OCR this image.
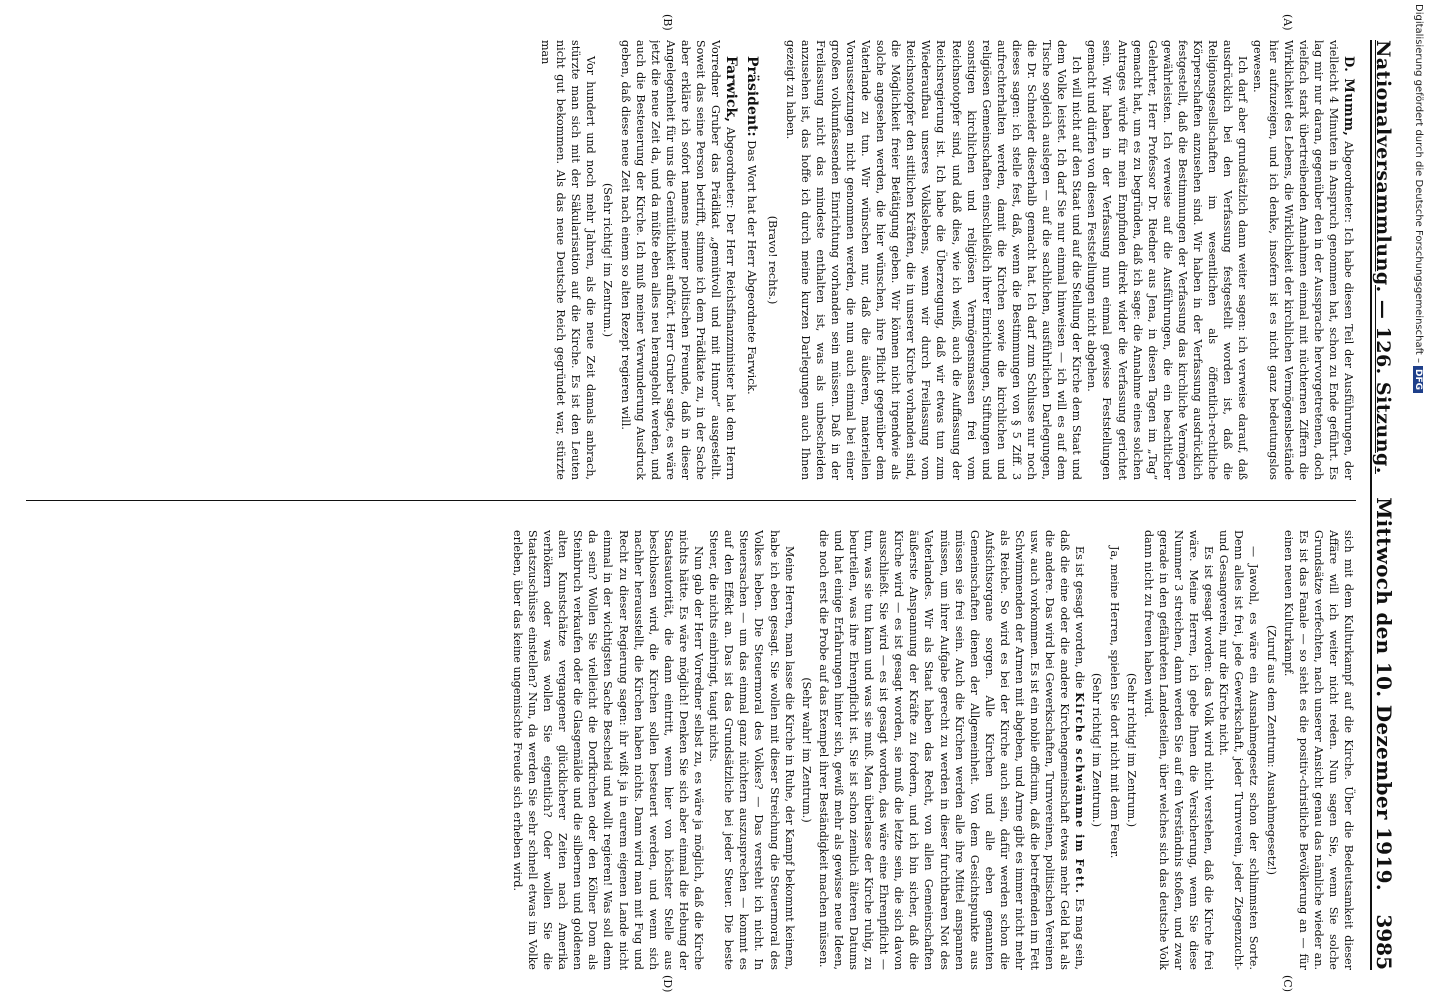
Nationalversammlung. — 126. Sitzung.
Mittwoch den 10. Dezember 1919.
3985
(A)
(B)
(C)
(D)

D. Mumm, Abgeordneter: Ich habe diesen Teil der Ausführungen, der vielleicht 4 Minuten in Anspruch genommen hat, schon zu Ende geführt. Es lag mir nur daran, gegenüber den in der Aussprache hervorgetretenen, doch vielfach stark übertreibenden Annahmen einmal mit nüchternen Ziffern die Wirklichkeit des Lebens, die Wirklichkeit der kirchlichen Vermögensbestände hier aufzuzeigen, und ich denke, insofern ist es nicht ganz bedeutungslos gewesen.

Ich darf aber grundsätzlich dann weiter sagen: ich verweise darauf, daß ausdrücklich bei den Verfassung festgestellt worden ist, daß die Religionsgesellschaften im wesentlichen als öffentlich-rechtliche Körperschaften anzusehen sind. Wir haben in der Verfassung ausdrücklich festgestellt, daß die Bestimmungen der Verfassung das kirchliche Vermögen gewährleisten. Ich verweise auf die Ausführungen, die ein beachtlicher Gelehrter, Herr Professor Dr. Riedner aus Jena, in diesen Tagen im „Tag“ gemacht hat, um es zu begründen, daß ich sage: die Annahme eines solchen Antrages würde für mein Empfinden direkt wider die Verfassung gerichtet sein. Wir haben in der Verfassung nun einmal gewisse Feststellungen gemacht und dürfen von diesen Feststellungen nicht abgehen.

Ich will nicht auf den Staat und auf die Stellung der Kirche dem Staat und dem Volke leistet. Ich darf Sie nur einmal hinweisen — ich will es auf dem Tische sogleich auslegen — auf die sachlichen, ausführlichen Darlegungen, die Dr. Schneider dieserhalb gemacht hat. Ich darf zum Schlusse nur noch dieses sagen: ich stelle fest, daß, wenn die Bestimmungen von § 5 Ziff. 3 aufrechterhalten werden, damit die Kirchen sowie die kirchlichen und religiösen Gemeinschaften einschließlich ihrer Einrichtungen, Stiftungen und sonstigen kirchlichen und religiösen Vermögensmassen frei vom Reichsnotopfer sind, und daß dies, wie ich weiß, auch die Auffassung der Reichsregierung ist. Ich habe die Überzeugung, daß wir etwas tun zum Wiederaufbau unseres Volkslebens, wenn wir durch Freilassung vom Reichsnotopfer den sittlichen Kräften, die in unserer Kirche vorhanden sind, die Möglichkeit freier Betätigung geben. Wir können nicht irgendwie als solche angesehen werden, die hier wünschen, ihre Pflicht gegenüber dem Vaterlande zu tun. Wir wünschen nur, daß die äußeren, materiellen Voraussetzungen nicht genommen werden, die nun auch einmal bei einer großen volkumfassenden Einrichtung vorhanden sein müssen. Daß in der Freilassung nicht das mindeste enthalten ist, was als unbescheiden anzusehen ist, das hoffe ich durch meine kurzen Darlegungen auch Ihnen gezeigt zu haben.

(Bravo! rechts.)

Präsident: Das Wort hat der Herr Abgeordnete Farwick.

Farwick, Abgeordneter: Der Herr Reichsfinanzminister hat dem Herrn Vorredner Gruber das Prädikat „gemütvoll und mit Humor“ ausgestellt. Soweit das seine Person betrifft, stimme ich dem Prädikate zu, in der Sache aber erkläre ich sofort namens meiner politischen Freunde, daß in dieser Angelegenheit für uns die Gemütlichkeit aufhört. Herr Gruber sagte, es wäre jetzt die neue Zeit da, und da müßte eben alles neu herangeholt werden, und auch die Besteuerung der Kirche. Ich muß meiner Verwunderung Ausdruck geben, daß diese neue Zeit nach einem so alten Rezept regieren will.

(Sehr richtig! im Zentrum.)

Vor hundert und noch mehr Jahren, als die neue Zeit damals anbrach, stürzte man sich mit der Säkularisation auf die Kirche. Es ist den Leuten nicht gut bekommen. Als das neue Deutsche Reich gegründet war, stürzte man

sich mit dem Kulturkampf auf die Kirche. Über die Bedeutsamkeit dieser Affäre will ich weiter nicht reden. Nun sagen Sie, wenn Sie solche Grundsätze verfechten, nach unserer Ansicht genau das nämliche wieder an. Es ist das Fanale — so sieht es die positiv-christliche Bevölkerung an — für einen neuen Kulturkampf.

(Zuruf aus dem Zentrum: Ausnahmegesetz!)

— Jawohl, es wäre ein Ausnahmegesetz schon der schlimmsten Sorte. Denn alles ist frei, jede Gewerkschaft, jeder Turnverein, jeder Ziegenzucht- und Gesangverein, nur die Kirche nicht.

Es ist gesagt worden: das Volk wird nicht verstehen, daß die Kirche frei wäre. Meine Herren, ich gebe Ihnen die Versicherung, wenn Sie diese Nummer 3 streichen, dann werden Sie auf ein Verständnis stoßen, und zwar gerade in den gefährdeten Landesteilen, über welches sich das deutsche Volk dann nicht zu freuen haben wird.

(Sehr richtig! im Zentrum.)

Ja, meine Herren, spielen Sie dort nicht mit dem Feuer.

(Sehr richtig! im Zentrum.)

Es ist gesagt worden, die Kirche schwämme im Fett. Es mag sein, daß die eine oder die andere Kirchengemeinschaft etwas mehr Geld hat als die andere. Das wird bei Gewerkschaften, Turnvereinen, politischen Vereinen usw. auch vorkommen. Es ist ein nobile officium, daß die betreffenden im Fett Schwimmenden der Armen mit abgeben, und Arme gibt es immer nicht mehr als Reiche. So wird es bei der Kirche auch sein, dafür werden schon die Aufsichtsorgane sorgen. Alle Kirchen und alle eben genannten Gemeinschaften dienen der Allgemeinheit. Von dem Gesichtspunkte aus müssen sie frei sein. Auch die Kirchen werden alle ihre Mittel anspannen müssen, um ihrer Aufgabe gerecht zu werden in dieser furchtbaren Not des Vaterlandes. Wir als Staat haben das Recht, von allen Gemeinschaften äußerste Anspannung der Kräfte zu fordern, und ich bin sicher, daß die Kirche wird — es ist gesagt worden, sie muß die letzte sein, die sich davon ausschließt. Sie wird — es ist gesagt worden, das wäre eine Ehrenpflicht — tun, was sie tun kann und was sie muß. Man überlasse der Kirche ruhig, zu beurteilen, was ihre Ehrenpflicht ist. Sie ist schon ziemlich älteren Datums und hat einige Erfahrungen hinter sich, gewiß mehr als gewisse neue Ideen, die noch erst die Probe auf das Exempel ihrer Beständigkeit machen müssen.

(Sehr wahr! im Zentrum.)

Meine Herren, man lasse die Kirche in Ruhe, der Kampf bekommt keinem, habe ich eben gesagt. Sie wollen mit dieser Streichung die Steuermoral des Volkes heben. Die Steuermoral des Volkes? — Das versteht ich nicht. In Steuersachen — um das einmal ganz nüchtern auszusprechen — kommt es auf den Effekt an. Das ist das Grundsätzliche bei jeder Steuer. Die beste Steuer, die nichts einbringt, taugt nichts.

Nun gab der Herr Vorredner selbst zu, es wäre ja möglich, daß die Kirche nichts hätte. Es wäre möglich! Denken Sie sich aber einmal die Hebung der Staatsautorität, die dann eintritt, wenn hier von höchster Stelle aus beschlossen wird, die Kirchen sollen besteuert werden, und wenn sich nachher herausstellt, die Kirchen haben nichts. Dann wird man mit Fug und Recht zu dieser Regierung sagen: ihr wißt ja in eurem eigenen Lande nicht einmal in der wichtigsten Sache Bescheid und wollt regieren! Was soll denn da sein? Wollen Sie vielleicht die Dorfkirchen oder den Kölner Dom als Steinbruch verkaufen oder die Glasgemälde und die silbernen und goldenen alten Kunstschätze vergangener glücklicherer Zeiten nach Amerika verhökern oder was wollen Sie eigentlich? Oder wollen Sie die Staatszuschüsse einstellen? Nun, da werden Sie sehr schnell etwas im Volke erleben, über das keine ungemischte Freude sich erheben wird.

Digitalisierung gefördert durch die Deutsche Forschungsgemeinschaft –DFG
